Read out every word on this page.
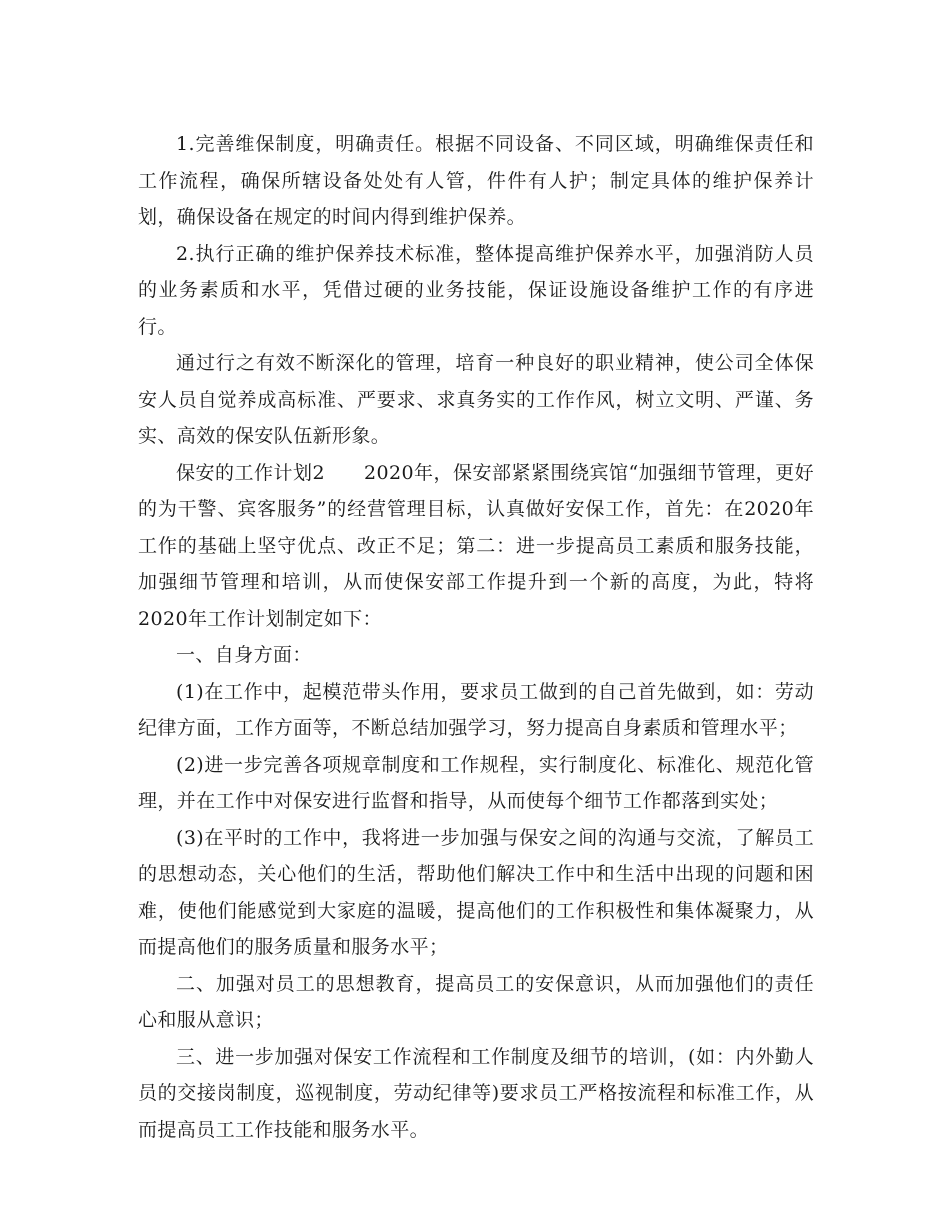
1.完善维保制度，明确责任。根据不同设备、不同区域，明确维保责任和工作流程，确保所辖设备处处有人管，件件有人护；制定具体的维护保养计划，确保设备在规定的时间内得到维护保养。

2.执行正确的维护保养技术标准，整体提高维护保养水平，加强消防人员的业务素质和水平，凭借过硬的业务技能，保证设施设备维护工作的有序进行。

通过行之有效不断深化的管理，培育一种良好的职业精神，使公司全体保安人员自觉养成高标准、严要求、求真务实的工作作风，树立文明、严谨、务实、高效的保安队伍新形象。

保安的工作计划2　　2020年，保安部紧紧围绕宾馆“加强细节管理，更好的为干警、宾客服务”的经营管理目标，认真做好安保工作，首先：在2020年工作的基础上坚守优点、改正不足；第二：进一步提高员工素质和服务技能，加强细节管理和培训，从而使保安部工作提升到一个新的高度，为此，特将2020年工作计划制定如下：

一、自身方面：

(1)在工作中，起模范带头作用，要求员工做到的自己首先做到，如：劳动纪律方面，工作方面等，不断总结加强学习，努力提高自身素质和管理水平；

(2)进一步完善各项规章制度和工作规程，实行制度化、标准化、规范化管理，并在工作中对保安进行监督和指导，从而使每个细节工作都落到实处；

(3)在平时的工作中，我将进一步加强与保安之间的沟通与交流，了解员工的思想动态，关心他们的生活，帮助他们解决工作中和生活中出现的问题和困难，使他们能感觉到大家庭的温暖，提高他们的工作积极性和集体凝聚力，从而提高他们的服务质量和服务水平；

二、加强对员工的思想教育，提高员工的安保意识，从而加强他们的责任心和服从意识；

三、进一步加强对保安工作流程和工作制度及细节的培训，(如：内外勤人员的交接岗制度，巡视制度，劳动纪律等)要求员工严格按流程和标准工作，从而提高员工工作技能和服务水平。
